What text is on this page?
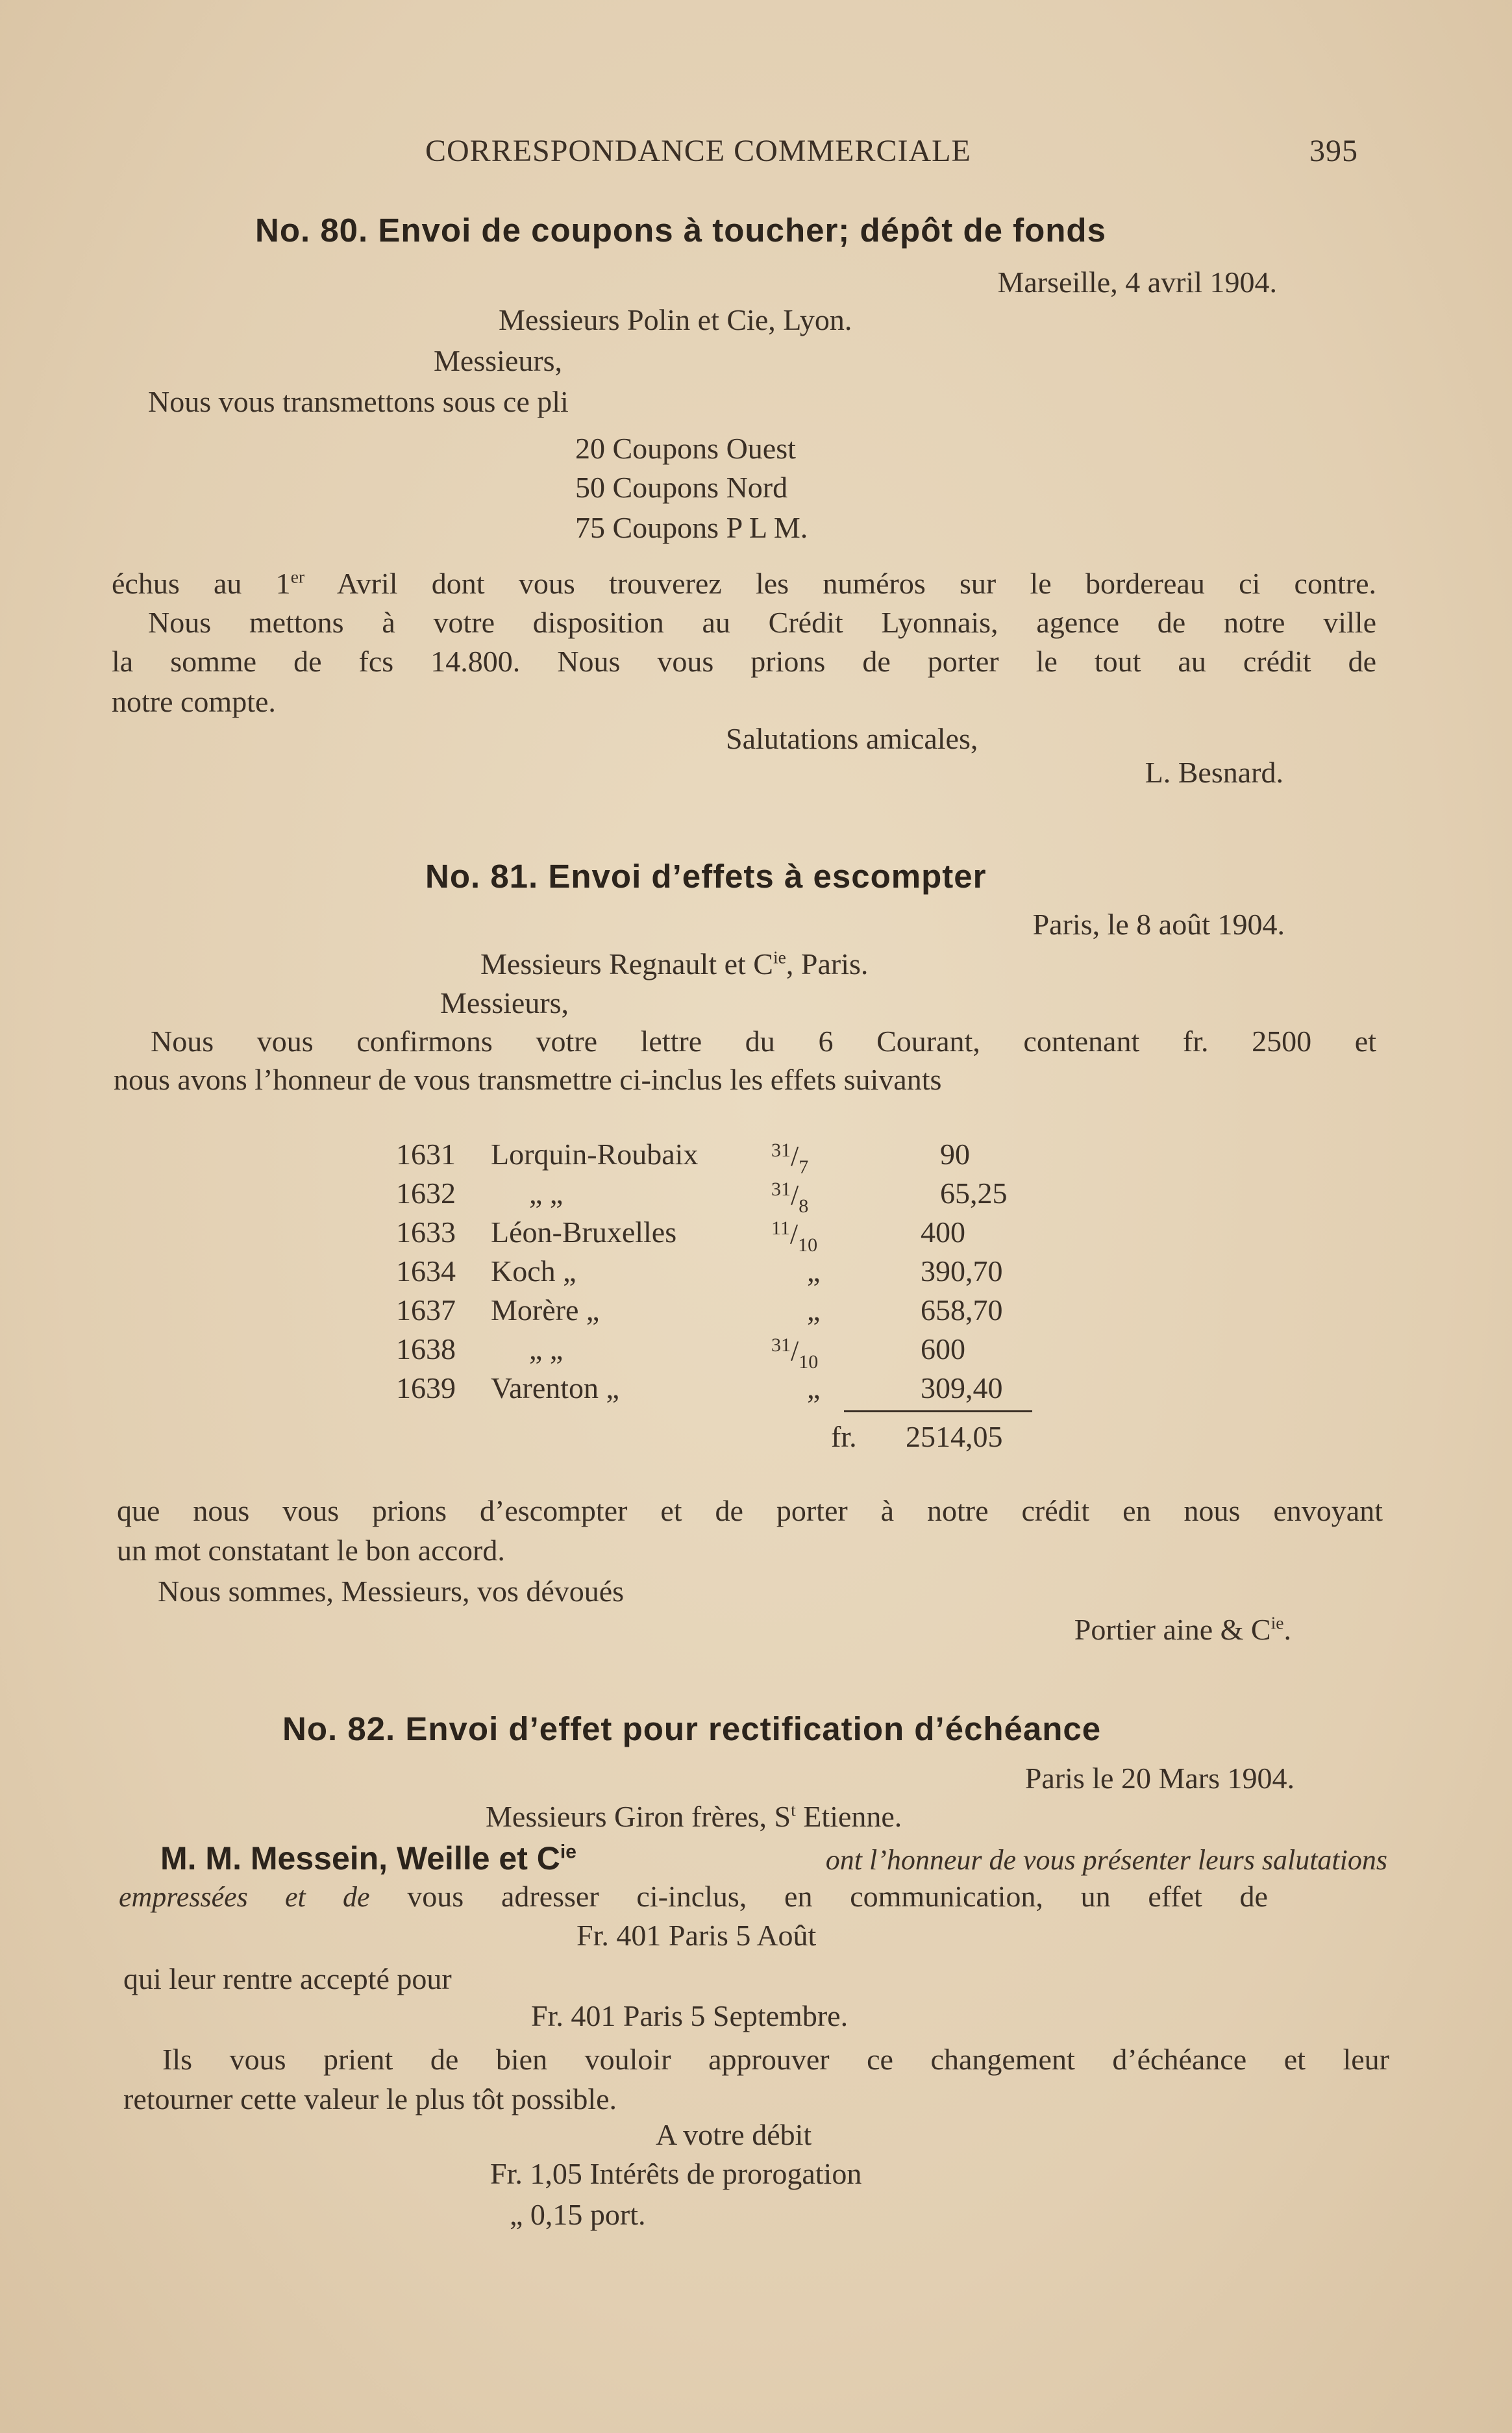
CORRESPONDANCE COMMERCIALE	395
No. 80. Envoi de coupons à toucher; dépôt de fonds
Marseille, 4 avril 1904.
Messieurs Polin et Cie, Lyon.
Messieurs,
Nous vous transmettons sous ce pli
20 Coupons Ouest
50 Coupons Nord
75 Coupons P L M.
échus au 1er Avril dont vous trouverez les numéros sur le bordereau ci contre.
Nous mettons à votre disposition au Crédit Lyonnais, agence de notre ville
la somme de fcs 14.800. Nous vous prions de porter le tout au crédit de
notre compte.
Salutations amicales,
L. Besnard.
No. 81. Envoi d’effets à escompter
Paris, le 8 août 1904.
Messieurs Regnault et $C^{ie}$, Paris.
Messieurs,
Nous vous confirmons votre lettre du 6 Courant, contenant fr. 2500 et
nous avons l’honneur de vous transmettre ci-inclus les effets suivants
1631 Lorquin-Roubaix	$^{31}/_7$	90
1632 „ „	$^{31}/_8$	65,25
1633 Léon-Bruxelles	$^{11}/_{10}$	400
1634 Koch „	„	390,70
1637 Morère „	„	658,70
1638 „ „	$^{31}/_{10}$	600
1639 Varenton „	„	309,40
fr. 2514,05
que nous vous prions d’escompter et de porter à notre crédit en nous envoyant
un mot constatant le bon accord.
Nous sommes, Messieurs, vos dévoués
Portier aine & $C^{ie}$.
No. 82. Envoi d’effet pour rectification d’échéance
Paris le 20 Mars 1904.
Messieurs Giron frères, $S^t$ Etienne.
M. M. Messein, Weille et $C^{ie}$	ont l’honneur de vous présenter leurs salutations
empressées et de vous adresser ci-inclus, en communication, un effet de
Fr. 401 Paris 5 Août
qui leur rentre accepté pour
Fr. 401 Paris 5 Septembre.
Ils vous prient de bien vouloir approuver ce changement d’échéance et leur
retourner cette valeur le plus tôt possible.
A votre débit
Fr. 1,05 Intérêts de prorogation
„ 0,15 port.
